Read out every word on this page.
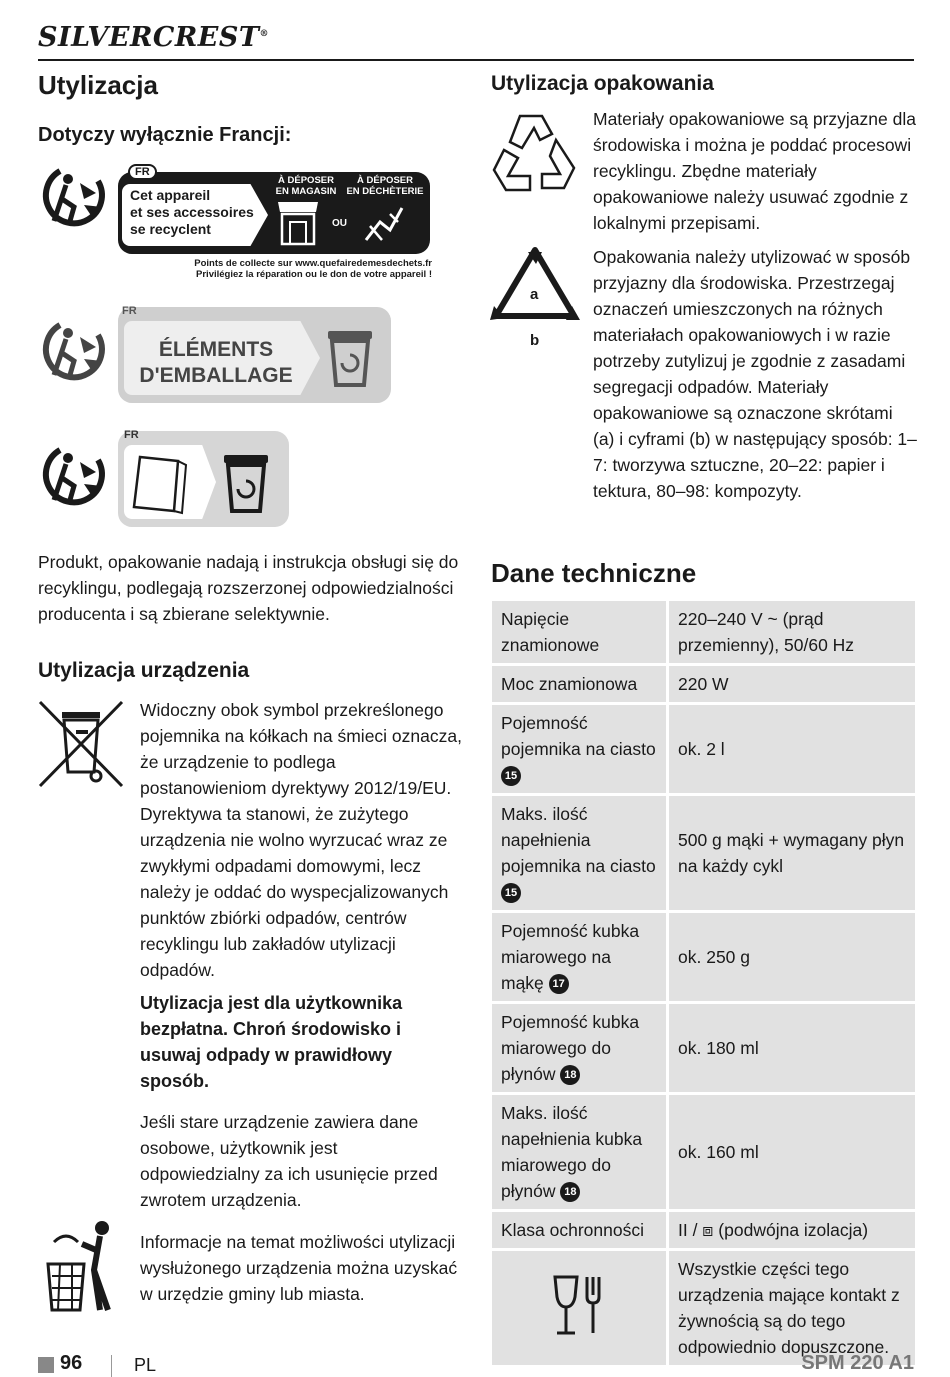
SILVERCREST®
Utylizacja
Dotyczy wyłącznie Francji:
FR
Cet appareil
et ses accessoires
se recyclent
À DÉPOSER
EN MAGASIN
OU
À DÉPOSER
EN DÉCHÈTERIE
Points de collecte sur www.quefairedemesdechets.fr
Privilégiez la réparation ou le don de votre appareil !
FR
ÉLÉMENTS
D'EMBALLAGE
FR
Produkt, opakowanie nadają i instrukcja obsługi się do recyklingu, podlegają rozszerzonej odpowiedzialności producenta i są zbierane selektywnie.
Utylizacja urządzenia
Widoczny obok symbol przekreślonego pojemnika na kółkach na śmieci oznacza, że urządzenie to podlega postanowieniom dyrektywy 2012/19/EU. Dyrektywa ta stanowi, że zużytego urządzenia nie wolno wyrzucać wraz ze zwykłymi odpadami domowymi, lecz należy je oddać do wyspecjalizowanych punktów zbiórki odpadów, centrów recyklingu lub zakładów utylizacji odpadów.
Utylizacja jest dla użytkownika bezpłatna. Chroń środowisko i usuwaj odpady w prawidłowy sposób.
Jeśli stare urządzenie zawiera dane osobowe, użytkownik jest odpowiedzialny za ich usunięcie przed zwrotem urządzenia.
Informacje na temat możliwości utylizacji wysłużonego urządzenia można uzyskać w urzędzie gminy lub miasta.
Utylizacja opakowania
Materiały opakowaniowe są przyjazne dla środowiska i można je poddać procesowi recyklingu. Zbędne materiały opakowaniowe należy usuwać zgodnie z lokalnymi przepisami.
a
b
Opakowania należy utylizować w sposób przyjazny dla środowiska. Przestrzegaj oznaczeń umieszczonych na różnych materiałach opakowaniowych i w razie potrzeby zutylizuj je zgodnie z zasadami segregacji odpadów. Materiały opakowaniowe są oznaczone skrótami (a) i cyframi (b) w następujący sposób: 1–7: tworzywa sztuczne, 20–22: papier i tektura, 80–98: kompozyty.
Dane techniczne
Napięcie znamionowe	220–240 V ~ (prąd przemienny), 50/60 Hz
Moc znamionowa	220 W
Pojemność pojemnika na ciasto 15	ok. 2 l
Maks. ilość napełnienia pojemnika na ciasto 15	500 g mąki + wymagany płyn na każdy cykl
Pojemność kubka miarowego na mąkę 17	ok. 250 g
Pojemność kubka miarowego do płynów 18	ok. 180 ml
Maks. ilość napełnienia kubka miarowego do płynów 18	ok. 160 ml
Klasa ochronności	II / ⧈ (podwójna izolacja)
	Wszystkie części tego urządzenia mające kontakt z żywnością są do tego odpowiednio dopuszczone.
96	PL	SPM 220 A1
